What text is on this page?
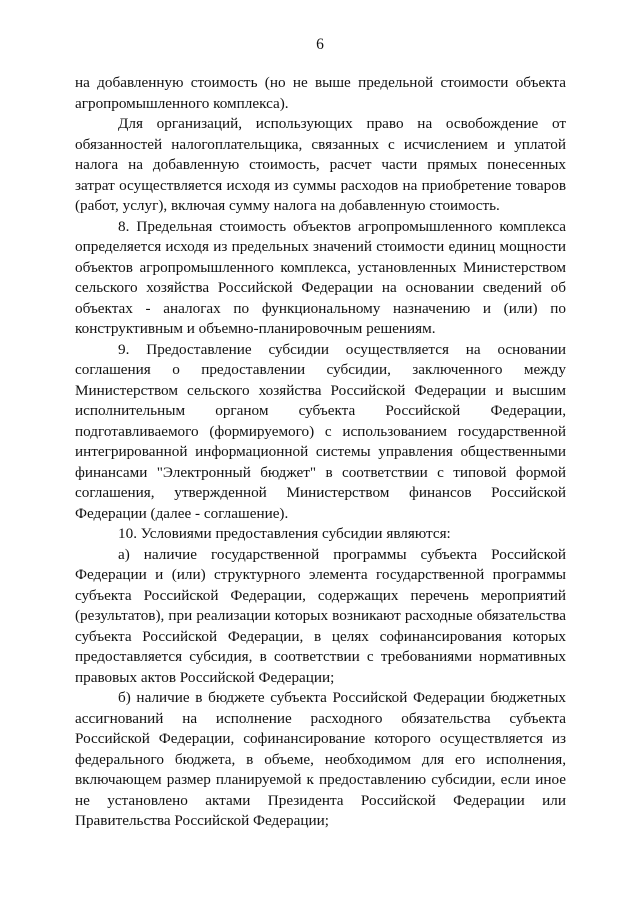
6

на добавленную стоимость (но не выше предельной стоимости объекта агропромышленного комплекса).

Для организаций, использующих право на освобождение от обязанностей налогоплательщика, связанных с исчислением и уплатой налога на добавленную стоимость, расчет части прямых понесенных затрат осуществляется исходя из суммы расходов на приобретение товаров (работ, услуг), включая сумму налога на добавленную стоимость.

8. Предельная стоимость объектов агропромышленного комплекса определяется исходя из предельных значений стоимости единиц мощности объектов агропромышленного комплекса, установленных Министерством сельского хозяйства Российской Федерации на основании сведений об объектах - аналогах по функциональному назначению и (или) по конструктивным и объемно-планировочным решениям.

9. Предоставление субсидии осуществляется на основании соглашения о предоставлении субсидии, заключенного между Министерством сельского хозяйства Российской Федерации и высшим исполнительным органом субъекта Российской Федерации, подготавливаемого (формируемого) с использованием государственной интегрированной информационной системы управления общественными финансами "Электронный бюджет" в соответствии с типовой формой соглашения, утвержденной Министерством финансов Российской Федерации (далее - соглашение).

10. Условиями предоставления субсидии являются:

а) наличие государственной программы субъекта Российской Федерации и (или) структурного элемента государственной программы субъекта Российской Федерации, содержащих перечень мероприятий (результатов), при реализации которых возникают расходные обязательства субъекта Российской Федерации, в целях софинансирования которых предоставляется субсидия, в соответствии с требованиями нормативных правовых актов Российской Федерации;

б) наличие в бюджете субъекта Российской Федерации бюджетных ассигнований на исполнение расходного обязательства субъекта Российской Федерации, софинансирование которого осуществляется из федерального бюджета, в объеме, необходимом для его исполнения, включающем размер планируемой к предоставлению субсидии, если иное не установлено актами Президента Российской Федерации или Правительства Российской Федерации;
